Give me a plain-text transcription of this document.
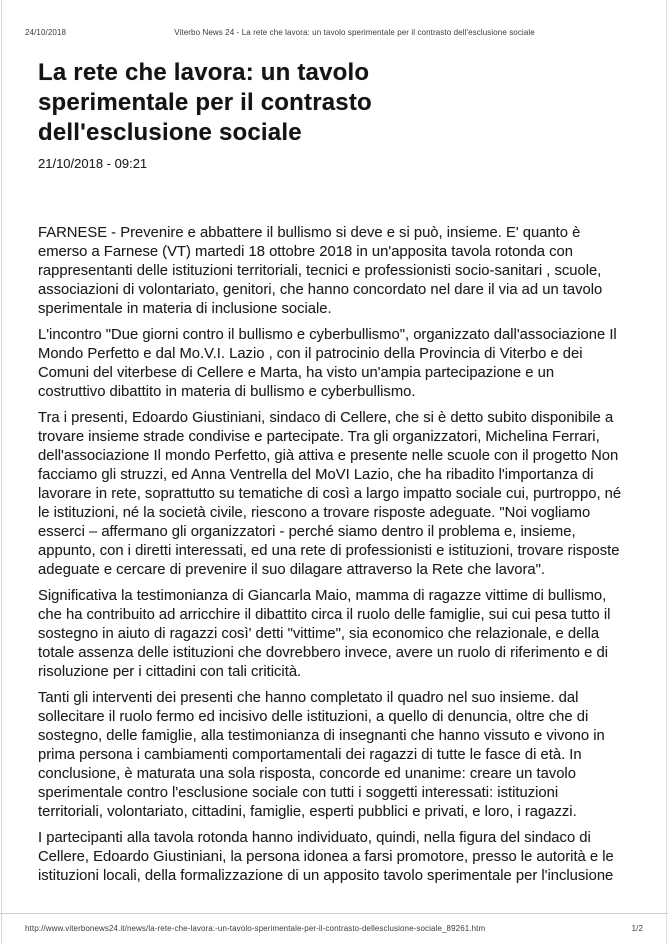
24/10/2018	Viterbo News 24 - La rete che lavora: un tavolo sperimentale per il contrasto dell'esclusione sociale
La rete che lavora: un tavolo sperimentale per il contrasto dell'esclusione sociale
21/10/2018 - 09:21

FARNESE - Prevenire e abbattere il bullismo si deve e si può, insieme. E' quanto è emerso a Farnese (VT) martedi 18 ottobre 2018 in un'apposita tavola rotonda con rappresentanti delle istituzioni territoriali, tecnici e professionisti socio-sanitari , scuole, associazioni di volontariato, genitori, che hanno concordato nel dare il via ad un tavolo sperimentale in materia di inclusione sociale.

L'incontro "Due giorni contro il bullismo e cyberbullismo", organizzato dall'associazione Il Mondo Perfetto e dal Mo.V.I. Lazio , con il patrocinio della Provincia di Viterbo e dei Comuni del viterbese di Cellere e Marta, ha visto un'ampia partecipazione e un costruttivo dibattito in materia di bullismo e cyberbullismo.

Tra i presenti, Edoardo Giustiniani, sindaco di Cellere, che si è detto subito disponibile a trovare insieme strade condivise e partecipate. Tra gli organizzatori, Michelina Ferrari, dell'associazione Il mondo Perfetto, già attiva e presente nelle scuole con il progetto Non facciamo gli struzzi, ed Anna Ventrella del MoVI Lazio, che ha ribadito l'importanza di lavorare in rete, soprattutto su tematiche di così a largo impatto sociale cui, purtroppo, né le istituzioni, né la società civile, riescono a trovare risposte adeguate. "Noi vogliamo esserci – affermano gli organizzatori - perché siamo dentro il problema e, insieme, appunto, con i diretti interessati, ed una rete di professionisti e istituzioni, trovare risposte adeguate e cercare di prevenire il suo dilagare attraverso la Rete che lavora".

Significativa la testimonianza di Giancarla Maio, mamma di ragazze vittime di bullismo, che ha contribuito ad arricchire il dibattito circa il ruolo delle famiglie, sui cui pesa tutto il sostegno in aiuto di ragazzi così' detti "vittime", sia economico che relazionale, e della totale assenza delle istituzioni che dovrebbero invece, avere un ruolo di riferimento e di risoluzione per i cittadini con tali criticità.

Tanti gli interventi dei presenti che hanno completato il quadro nel suo insieme. dal sollecitare il ruolo fermo ed incisivo delle istituzioni, a quello di denuncia, oltre che di sostegno, delle famiglie, alla testimonianza di insegnanti che hanno vissuto e vivono in prima persona i cambiamenti comportamentali dei ragazzi di tutte le fasce di età. In conclusione, è maturata una sola risposta, concorde ed unanime: creare un tavolo sperimentale contro l'esclusione sociale con tutti i soggetti interessati: istituzioni territoriali, volontariato, cittadini, famiglie, esperti pubblici e privati, e loro, i ragazzi.

I partecipanti alla tavola rotonda hanno individuato, quindi, nella figura del sindaco di Cellere, Edoardo Giustiniani, la persona idonea a farsi promotore, presso le autorità e le istituzioni locali, della formalizzazione di un apposito tavolo sperimentale per l'inclusione

http://www.viterbonews24.it/news/la-rete-che-lavora:-un-tavolo-sperimentale-per-il-contrasto-dellesclusione-sociale_89261.htm	1/2
